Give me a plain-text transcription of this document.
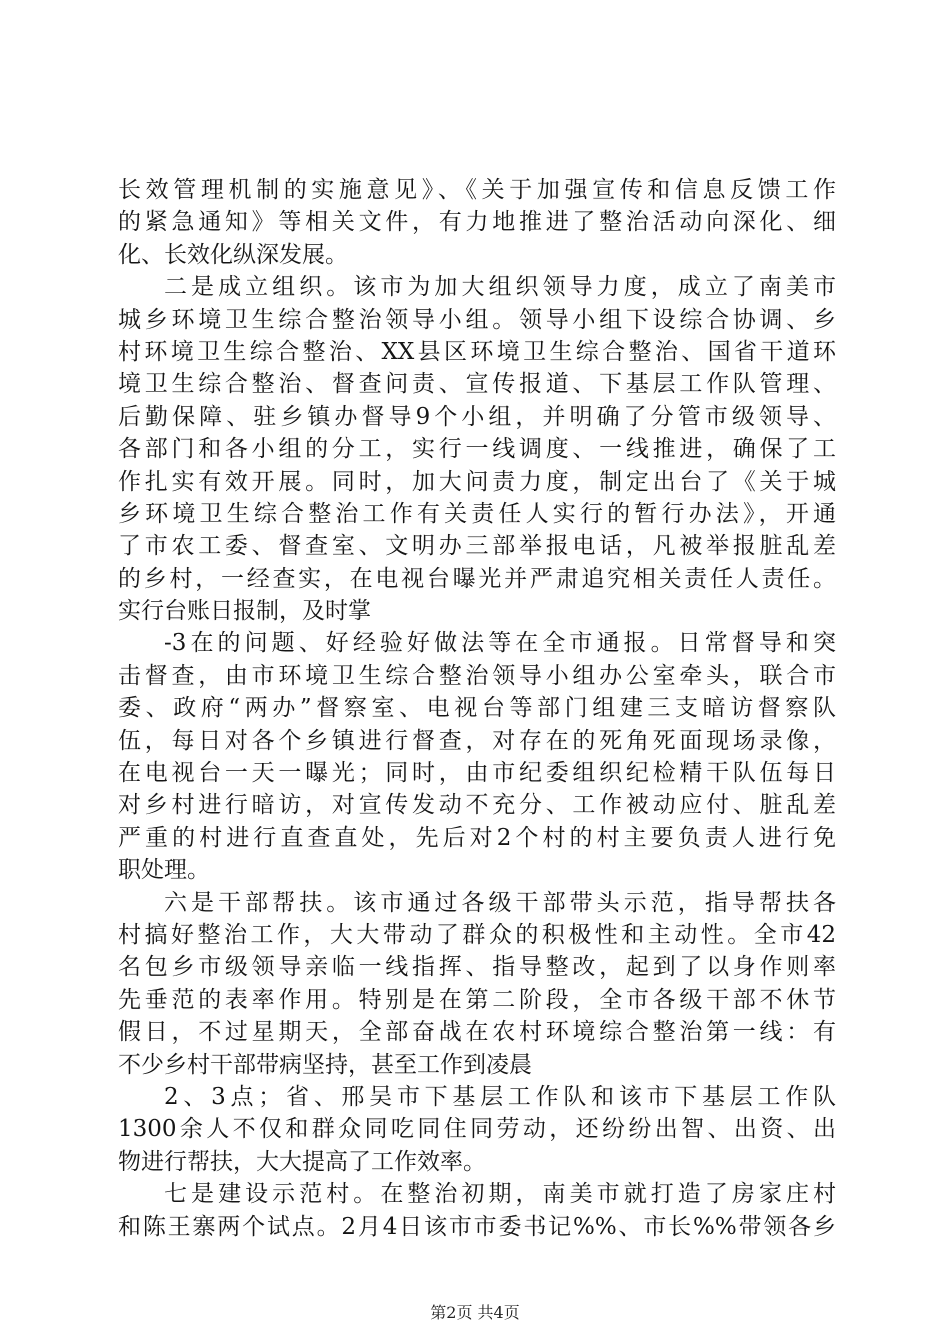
长效管理机制的实施意见》、《关于加强宣传和信息反馈工作
的紧急通知》等相关文件，有力地推进了整治活动向深化、细
化、长效化纵深发展。
二是成立组织。该市为加大组织领导力度，成立了南美市
城乡环境卫生综合整治领导小组。领导小组下设综合协调、乡
村环境卫生综合整治、XX县区环境卫生综合整治、国省干道环
境卫生综合整治、督查问责、宣传报道、下基层工作队管理、
后勤保障、驻乡镇办督导9个小组，并明确了分管市级领导、
各部门和各小组的分工，实行一线调度、一线推进，确保了工
作扎实有效开展。同时，加大问责力度，制定出台了《关于城
乡环境卫生综合整治工作有关责任人实行的暂行办法》，开通
了市农工委、督查室、文明办三部举报电话，凡被举报脏乱差
的乡村，一经查实，在电视台曝光并严肃追究相关责任人责任。
实行台账日报制，及时掌
-3在的问题、好经验好做法等在全市通报。日常督导和突
击督查，由市环境卫生综合整治领导小组办公室牵头，联合市
委、政府“两办”督察室、电视台等部门组建三支暗访督察队
伍，每日对各个乡镇进行督查，对存在的死角死面现场录像，
在电视台一天一曝光；同时，由市纪委组织纪检精干队伍每日
对乡村进行暗访，对宣传发动不充分、工作被动应付、脏乱差
严重的村进行直查直处，先后对2个村的村主要负责人进行免
职处理。
六是干部帮扶。该市通过各级干部带头示范，指导帮扶各
村搞好整治工作，大大带动了群众的积极性和主动性。全市42
名包乡市级领导亲临一线指挥、指导整改，起到了以身作则率
先垂范的表率作用。特别是在第二阶段，全市各级干部不休节
假日，不过星期天，全部奋战在农村环境综合整治第一线：有
不少乡村干部带病坚持，甚至工作到凌晨
2、3点；省、邢吴市下基层工作队和该市下基层工作队
1300余人不仅和群众同吃同住同劳动，还纷纷出智、出资、出
物进行帮扶，大大提高了工作效率。
七是建设示范村。在整治初期，南美市就打造了房家庄村
和陈王寨两个试点。2月4日该市市委书记%%、市长%%带领各乡
第2页 共4页
